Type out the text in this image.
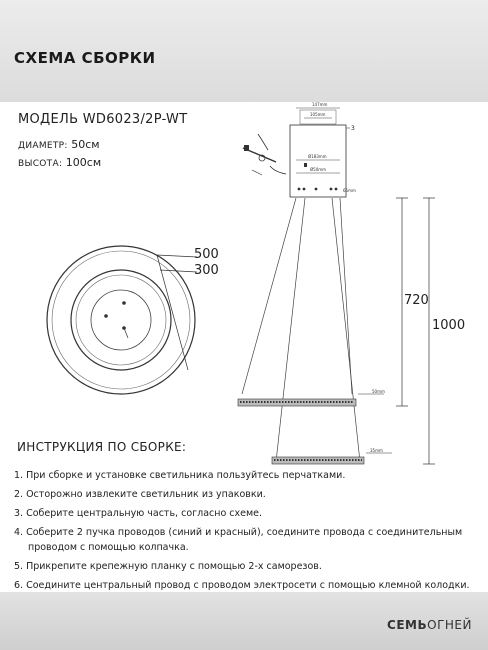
СХЕМА СБОРКИ
МОДЕЛЬ WD6023/2P-WT
ДИАМЕТР: 50см
ВЫСОТА: 100см
500
300
147mm
105mm
Ø183mm
Ø50mm
65mm
3
50mm
35mm
720
1000
ИНСТРУКЦИЯ ПО СБОРКЕ:
1. При сборке и установке светильника пользуйтесь перчатками.
2. Осторожно извлеките светильник из упаковки.
3. Соберите центральную часть, согласно схеме.
4. Соберите 2 пучка проводов (синий и красный), соедините провода с соединительным
проводом с помощью колпачка.
5. Прикрепите крепежную планку с помощью 2-х саморезов.
6. Соедините центральный провод с проводом электросети с помощью клемной колодки.
СЕМЬОГНЕЙ
